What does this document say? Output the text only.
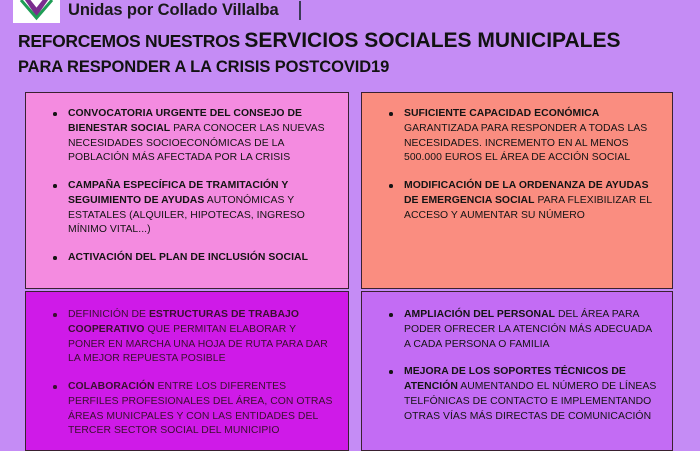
Unidas por Collado Villalba
REFORCEMOS NUESTROS SERVICIOS SOCIALES MUNICIPALES
PARA RESPONDER A LA CRISIS POSTCOVID19
CONVOCATORIA URGENTE DEL CONSEJO DE BIENESTAR SOCIAL PARA CONOCER LAS NUEVAS NECESIDADES SOCIOECONÓMICAS DE LA POBLACIÓN MÁS AFECTADA POR LA CRISIS
CAMPAÑA ESPECÍFICA DE TRAMITACIÓN Y SEGUIMIENTO DE AYUDAS AUTONÓMICAS Y ESTATALES (ALQUILER, HIPOTECAS, INGRESO MÍNIMO VITAL...)
ACTIVACIÓN DEL PLAN DE INCLUSIÓN SOCIAL
SUFICIENTE CAPACIDAD ECONÓMICA GARANTIZADA PARA RESPONDER A TODAS LAS NECESIDADES. INCREMENTO EN AL MENOS 500.000 EUROS EL ÁREA DE ACCIÓN SOCIAL
MODIFICACIÓN DE LA ORDENANZA DE AYUDAS DE EMERGENCIA SOCIAL PARA FLEXIBILIZAR EL ACCESO Y AUMENTAR SU NÚMERO
DEFINICIÓN DE ESTRUCTURAS DE TRABAJO COOPERATIVO QUE PERMITAN ELABORAR Y PONER EN MARCHA UNA HOJA DE RUTA PARA DAR LA MEJOR REPUESTA POSIBLE
COLABORACIÓN ENTRE LOS DIFERENTES PERFILES PROFESIONALES DEL ÁREA, CON OTRAS ÁREAS MUNICPALES Y CON LAS ENTIDADES DEL TERCER SECTOR SOCIAL DEL MUNICIPIO
AMPLIACIÓN DEL PERSONAL DEL ÁREA PARA PODER OFRECER LA ATENCIÓN MÁS ADECUADA A CADA PERSONA O FAMILIA
MEJORA DE LOS SOPORTES TÉCNICOS DE ATENCIÓN AUMENTANDO EL NÚMERO DE LÍNEAS TELFÓNICAS DE CONTACTO E IMPLEMENTANDO OTRAS VÍAS MÁS DIRECTAS DE COMUNICACIÓN
